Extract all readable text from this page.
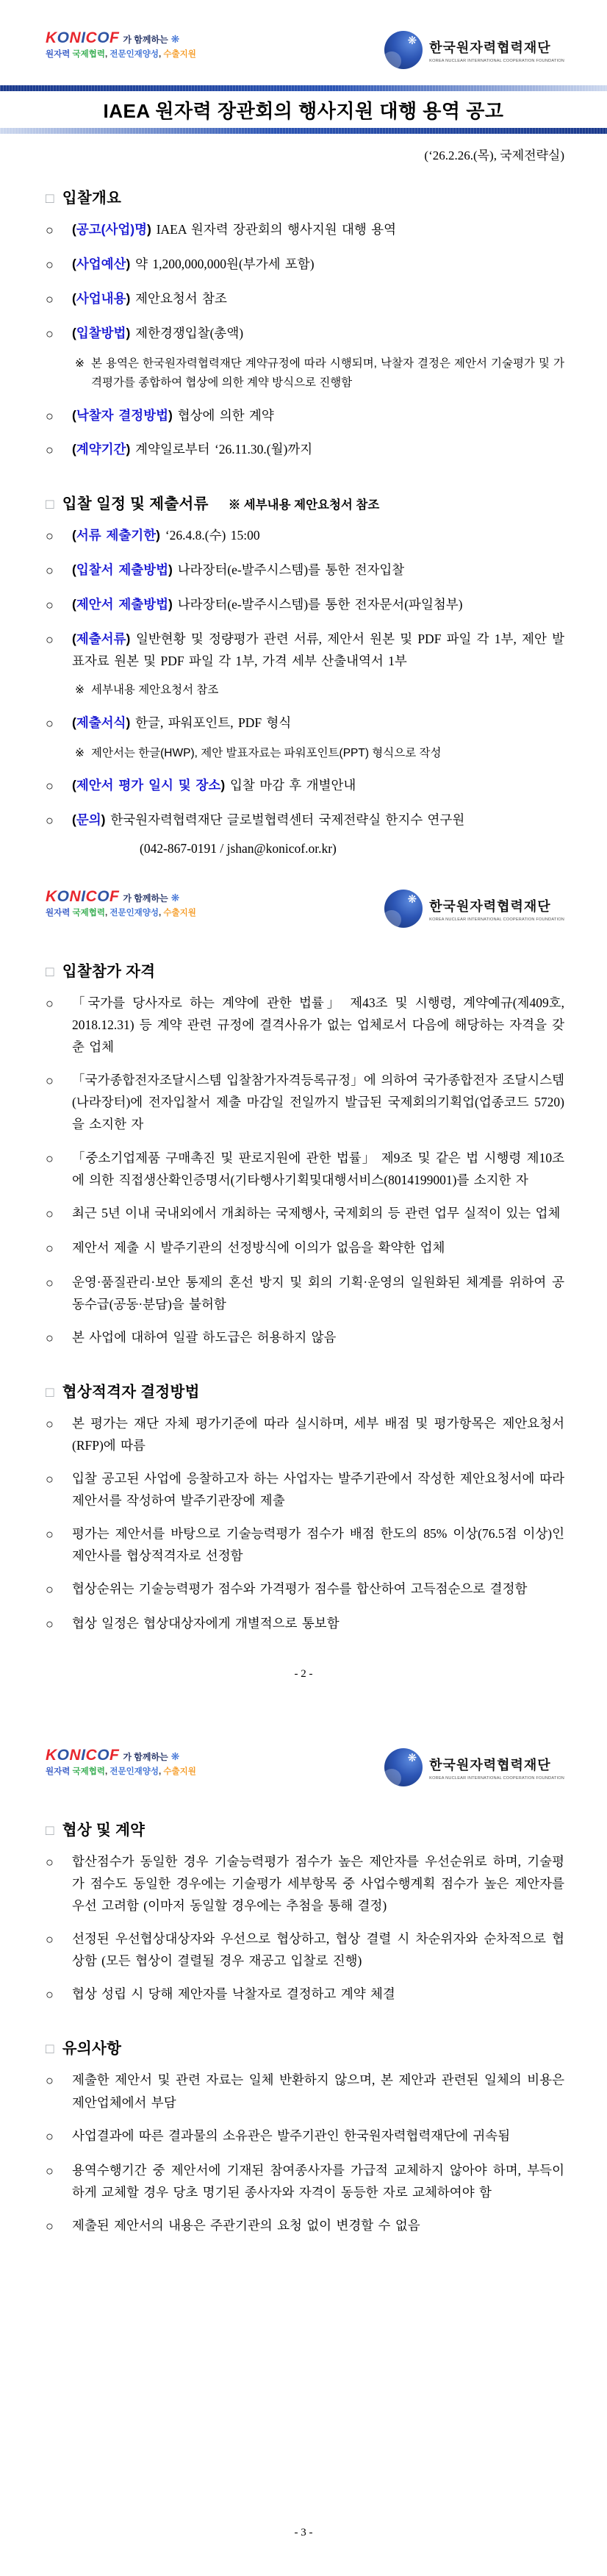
KONICOF 가 함께하는 ❋
원자력 국제협력, 전문인재양성, 수출지원
❋ 한국원자력협력재단
KOREA NUCLEAR INTERNATIONAL COOPERATION FOUNDATION
IAEA 원자력 장관회의 행사지원 대행 용역 공고
(‘26.2.26.(목), 국제전략실)
□ 입찰개요
○	(공고(사업)명) IAEA 원자력 장관회의 행사지원 대행 용역
○	(사업예산) 약 1,200,000,000원(부가세 포함)
○	(사업내용) 제안요청서 참조
○	(입찰방법) 제한경쟁입찰(총액)
※ 본 용역은 한국원자력협력재단 계약규정에 따라 시행되며, 낙찰자 결정은 제안서 기술평가 및 가격평가를 종합하여 협상에 의한 계약 방식으로 진행함
○	(낙찰자 결정방법) 협상에 의한 계약
○	(계약기간) 계약일로부터 ‘26.11.30.(월)까지
□ 입찰 일정 및 제출서류 ※ 세부내용 제안요청서 참조
○	(서류 제출기한) ‘26.4.8.(수) 15:00
○	(입찰서 제출방법) 나라장터(e-발주시스템)를 통한 전자입찰
○	(제안서 제출방법) 나라장터(e-발주시스템)를 통한 전자문서(파일첨부)
○	(제출서류) 일반현황 및 정량평가 관련 서류, 제안서 원본 및 PDF 파일 각 1부, 제안 발표자료 원본 및 PDF 파일 각 1부, 가격 세부 산출내역서 1부
※ 세부내용 제안요청서 참조
○	(제출서식) 한글, 파워포인트, PDF 형식
※ 제안서는 한글(HWP), 제안 발표자료는 파워포인트(PPT) 형식으로 작성
○	(제안서 평가 일시 및 장소) 입찰 마감 후 개별안내
○	(문의) 한국원자력협력재단 글로벌협력센터 국제전략실 한지수 연구원
(042-867-0191 / jshan@konicof.or.kr)
KONICOF 가 함께하는 ❋
원자력 국제협력, 전문인재양성, 수출지원
❋ 한국원자력협력재단
KOREA NUCLEAR INTERNATIONAL COOPERATION FOUNDATION
□ 입찰참가 자격
○	「국가를 당사자로 하는 계약에 관한 법률」 제43조 및 시행령, 계약예규(제409호, 2018.12.31) 등 계약 관련 규정에 결격사유가 없는 업체로서 다음에 해당하는 자격을 갖춘 업체
○	「국가종합전자조달시스템 입찰참가자격등록규정」에 의하여 국가종합전자 조달시스템(나라장터)에 전자입찰서 제출 마감일 전일까지 발급된 국제회의기획업(업종코드 5720)을 소지한 자
○	「중소기업제품 구매촉진 및 판로지원에 관한 법률」 제9조 및 같은 법 시행령 제10조에 의한 직접생산확인증명서(기타행사기획및대행서비스(8014199001)를 소지한 자
○	최근 5년 이내 국내외에서 개최하는 국제행사, 국제회의 등 관련 업무 실적이 있는 업체
○	제안서 제출 시 발주기관의 선정방식에 이의가 없음을 확약한 업체
○	운영·품질관리·보안 통제의 혼선 방지 및 회의 기획·운영의 일원화된 체계를 위하여 공동수급(공동·분담)을 불허함
○	본 사업에 대하여 일괄 하도급은 허용하지 않음
□ 협상적격자 결정방법
○	본 평가는 재단 자체 평가기준에 따라 실시하며, 세부 배점 및 평가항목은 제안요청서(RFP)에 따름
○	입찰 공고된 사업에 응찰하고자 하는 사업자는 발주기관에서 작성한 제안요청서에 따라 제안서를 작성하여 발주기관장에 제출
○	평가는 제안서를 바탕으로 기술능력평가 점수가 배점 한도의 85% 이상(76.5점 이상)인 제안사를 협상적격자로 선정함
○	협상순위는 기술능력평가 점수와 가격평가 점수를 합산하여 고득점순으로 결정함
○	협상 일정은 협상대상자에게 개별적으로 통보함
- 2 -
KONICOF 가 함께하는 ❋
원자력 국제협력, 전문인재양성, 수출지원
❋ 한국원자력협력재단
KOREA NUCLEAR INTERNATIONAL COOPERATION FOUNDATION
□ 협상 및 계약
○	합산점수가 동일한 경우 기술능력평가 점수가 높은 제안자를 우선순위로 하며, 기술평가 점수도 동일한 경우에는 기술평가 세부항목 중 사업수행계획 점수가 높은 제안자를 우선 고려함 (이마저 동일할 경우에는 추첨을 통해 결정)
○	선정된 우선협상대상자와 우선으로 협상하고, 협상 결렬 시 차순위자와 순차적으로 협상함 (모든 협상이 결렬될 경우 재공고 입찰로 진행)
○	협상 성립 시 당해 제안자를 낙찰자로 결정하고 계약 체결
□ 유의사항
○	제출한 제안서 및 관련 자료는 일체 반환하지 않으며, 본 제안과 관련된 일체의 비용은 제안업체에서 부담
○	사업결과에 따른 결과물의 소유관은 발주기관인 한국원자력협력재단에 귀속됨
○	용역수행기간 중 제안서에 기재된 참여종사자를 가급적 교체하지 않아야 하며, 부득이하게 교체할 경우 당초 명기된 종사자와 자격이 동등한 자로 교체하여야 함
○	제출된 제안서의 내용은 주관기관의 요청 없이 변경할 수 없음
- 3 -
